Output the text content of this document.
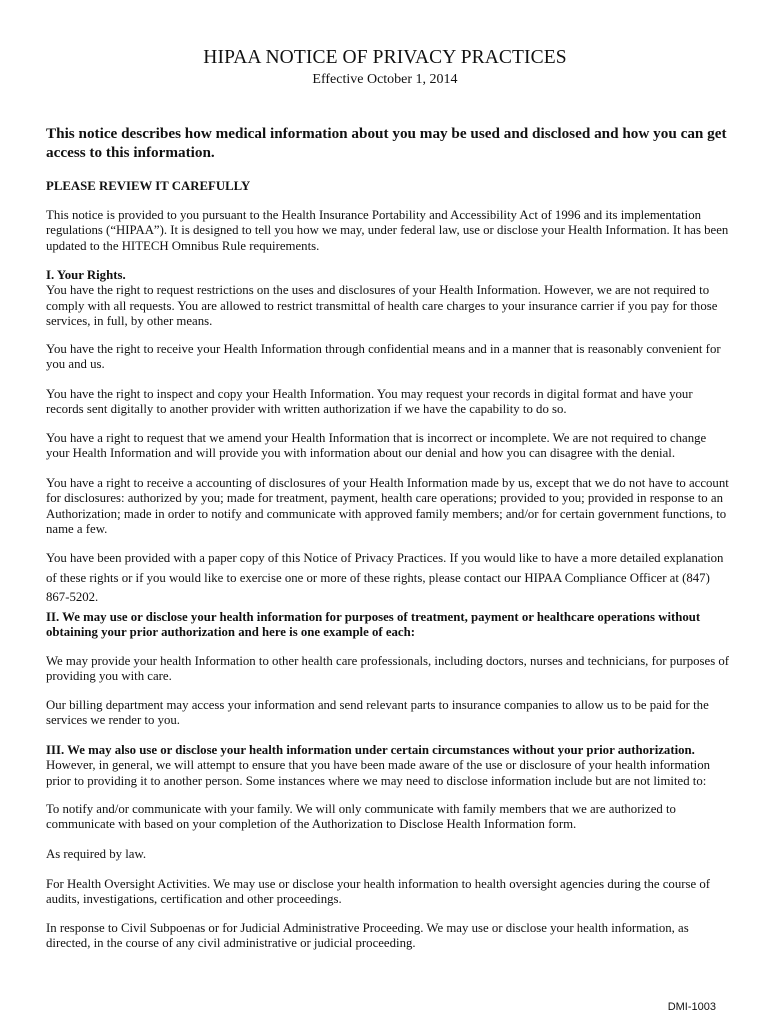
HIPAA NOTICE OF PRIVACY PRACTICES
Effective October 1, 2014
This notice describes how medical information about you may be used and disclosed and how you can get access to this information.
PLEASE REVIEW IT CAREFULLY
This notice is provided to you pursuant to the Health Insurance Portability and Accessibility Act of 1996 and its implementation regulations (“HIPAA”). It is designed to tell you how we may, under federal law, use or disclose your Health Information. It has been updated to the HITECH Omnibus Rule requirements.
I. Your Rights.
You have the right to request restrictions on the uses and disclosures of your Health Information. However, we are not required to comply with all requests. You are allowed to restrict transmittal of health care charges to your insurance carrier if you pay for those services, in full, by other means.
You have the right to receive your Health Information through confidential means and in a manner that is reasonably convenient for you and us.
You have the right to inspect and copy your Health Information. You may request your records in digital format and have your records sent digitally to another provider with written authorization if we have the capability to do so.
You have a right to request that we amend your Health Information that is incorrect or incomplete. We are not required to change your Health Information and will provide you with information about our denial and how you can disagree with the denial.
You have a right to receive a accounting of disclosures of your Health Information made by us, except that we do not have to account for disclosures: authorized by you; made for treatment, payment, health care operations; provided to you; provided in response to an Authorization; made in order to notify and communicate with approved family members; and/or for certain government functions, to name a few.
You have been provided with a paper copy of this Notice of Privacy Practices. If you would like to have a more detailed explanation of these rights or if you would like to exercise one or more of these rights, please contact our HIPAA Compliance Officer at (847) 867-5202.
II. We may use or disclose your health information for purposes of treatment, payment or healthcare operations without obtaining your prior authorization and here is one example of each:
We may provide your health Information to other health care professionals, including doctors, nurses and technicians, for purposes of providing you with care.
Our billing department may access your information and send relevant parts to insurance companies to allow us to be paid for the services we render to you.
III. We may also use or disclose your health information under certain circumstances without your prior authorization. However, in general, we will attempt to ensure that you have been made aware of the use or disclosure of your health information prior to providing it to another person. Some instances where we may need to disclose information include but are not limited to:
To notify and/or communicate with your family. We will only communicate with family members that we are authorized to communicate with based on your completion of the Authorization to Disclose Health Information form.
As required by law.
For Health Oversight Activities. We may use or disclose your health information to health oversight agencies during the course of audits, investigations, certification and other proceedings.
In response to Civil Subpoenas or for Judicial Administrative Proceeding. We may use or disclose your health information, as directed, in the course of any civil administrative or judicial proceeding.
DMI-1003
